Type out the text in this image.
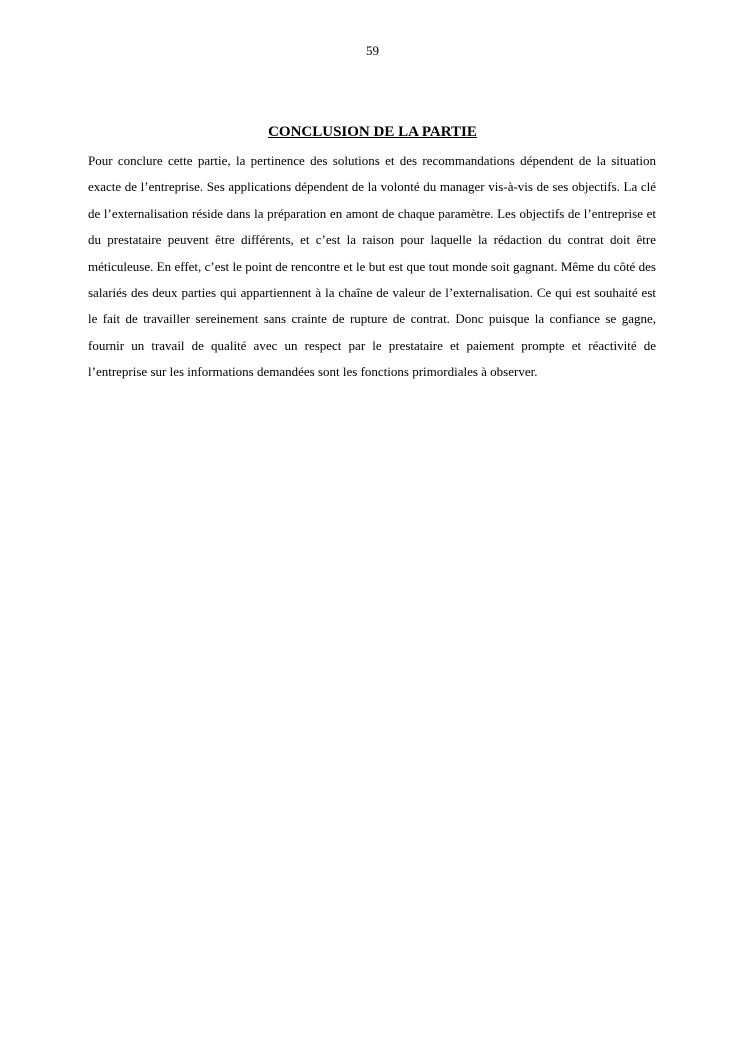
59
CONCLUSION DE LA PARTIE

Pour conclure cette partie, la pertinence des solutions et des recommandations dépendent de la situation exacte de l’entreprise. Ses applications dépendent de la volonté du manager vis-à-vis de ses objectifs. La clé de l’externalisation réside dans la préparation en amont de chaque paramètre. Les objectifs de l’entreprise et du prestataire peuvent être différents, et c’est la raison pour laquelle la rédaction du contrat doit être méticuleuse. En effet, c’est le point de rencontre et le but est que tout monde soit gagnant. Même du côté des salariés des deux parties qui appartiennent à la chaîne de valeur de l’externalisation. Ce qui est souhaité est le fait de travailler sereinement sans crainte de rupture de contrat. Donc puisque la confiance se gagne, fournir un travail de qualité avec un respect par le prestataire et paiement prompte et réactivité de l’entreprise sur les informations demandées sont les fonctions primordiales à observer.
